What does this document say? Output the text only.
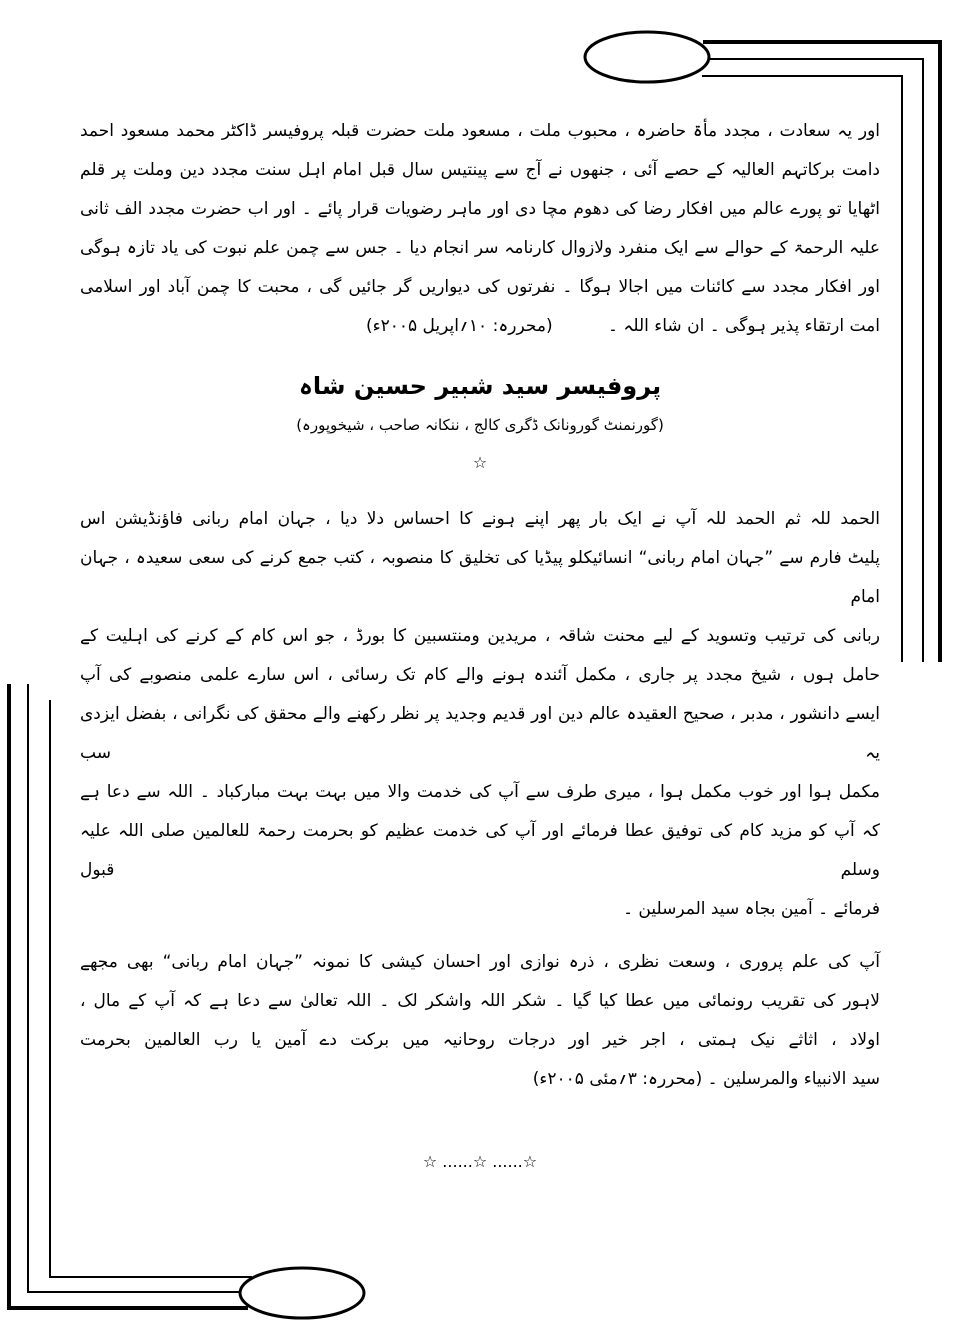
اور یہ سعادت ، مجدد مأۃ حاضرہ ، محبوب ملت ، مسعود ملت حضرت قبلہ پروفیسر ڈاکٹر محمد مسعود احمد
دامت برکاتہم العالیہ کے حصے آئی ، جنھوں نے آج سے پینتیس سال قبل امام اہل سنت مجدد دین وملت پر قلم
اٹھایا تو پورے عالم میں افکار رضا کی دھوم مچا دی اور ماہر رضویات قرار پائے ۔ اور اب حضرت مجدد الف ثانی
علیہ الرحمۃ کے حوالے سے ایک منفرد ولازوال کارنامہ سر انجام دیا ۔ جس سے چمن علم نبوت کی یاد تازہ ہوگی
اور افکار مجدد سے کائنات میں اجالا ہوگا ۔ نفرتوں کی دیواریں گر جائیں گی ، محبت کا چمن آباد اور اسلامی
امت ارتقاء پذیر ہوگی ۔ ان شاء اللہ ۔ (محررہ: ۱۰؍اپریل ۲۰۰۵ء)
پروفیسر سید شبیر حسین شاہ
(گورنمنٹ گورونانک ڈگری کالج ، ننکانہ صاحب ، شیخوپورہ)
☆
الحمد للہ ثم الحمد للہ آپ نے ایک بار پھر اپنے ہونے کا احساس دلا دیا ، جہان امام ربانی فاؤنڈیشن اس
پلیٹ فارم سے ”جہان امام ربانی“ انسائیکلو پیڈیا کی تخلیق کا منصوبہ ، کتب جمع کرنے کی سعی سعیدہ ، جہان امام
ربانی کی ترتیب وتسوید کے لیے محنت شاقہ ، مریدین ومنتسبین کا بورڈ ، جو اس کام کے کرنے کی اہلیت کے
حامل ہوں ، شیخ مجدد پر جاری ، مکمل آئندہ ہونے والے کام تک رسائی ، اس سارے علمی منصوبے کی آپ
ایسے دانشور ، مدبر ، صحیح العقیدہ عالم دین اور قدیم وجدید پر نظر رکھنے والے محقق کی نگرانی ، بفضل ایزدی یہ سب
مکمل ہوا اور خوب مکمل ہوا ، میری طرف سے آپ کی خدمت والا میں بہت بہت مبارکباد ۔ اللہ سے دعا ہے
کہ آپ کو مزید کام کی توفیق عطا فرمائے اور آپ کی خدمت عظیم کو بحرمت رحمۃ للعالمین صلی اللہ علیہ وسلم قبول
فرمائے ۔ آمین بجاہ سید المرسلین ۔
آپ کی علم پروری ، وسعت نظری ، ذرہ نوازی اور احسان کیشی کا نمونہ ”جہان امام ربانی“ بھی مجھے
لاہور کی تقریب رونمائی میں عطا کیا گیا ۔ شکر اللہ واشکر لک ۔ اللہ تعالیٰ سے دعا ہے کہ آپ کے مال ،
اولاد ، اثاثے نیک ہمتی ، اجر خیر اور درجات روحانیہ میں برکت دے آمین یا رب العالمین بحرمت
سید الانبیاء والمرسلین ۔ (محررہ: ۳؍مئی ۲۰۰۵ء)
☆...... ☆...... ☆
